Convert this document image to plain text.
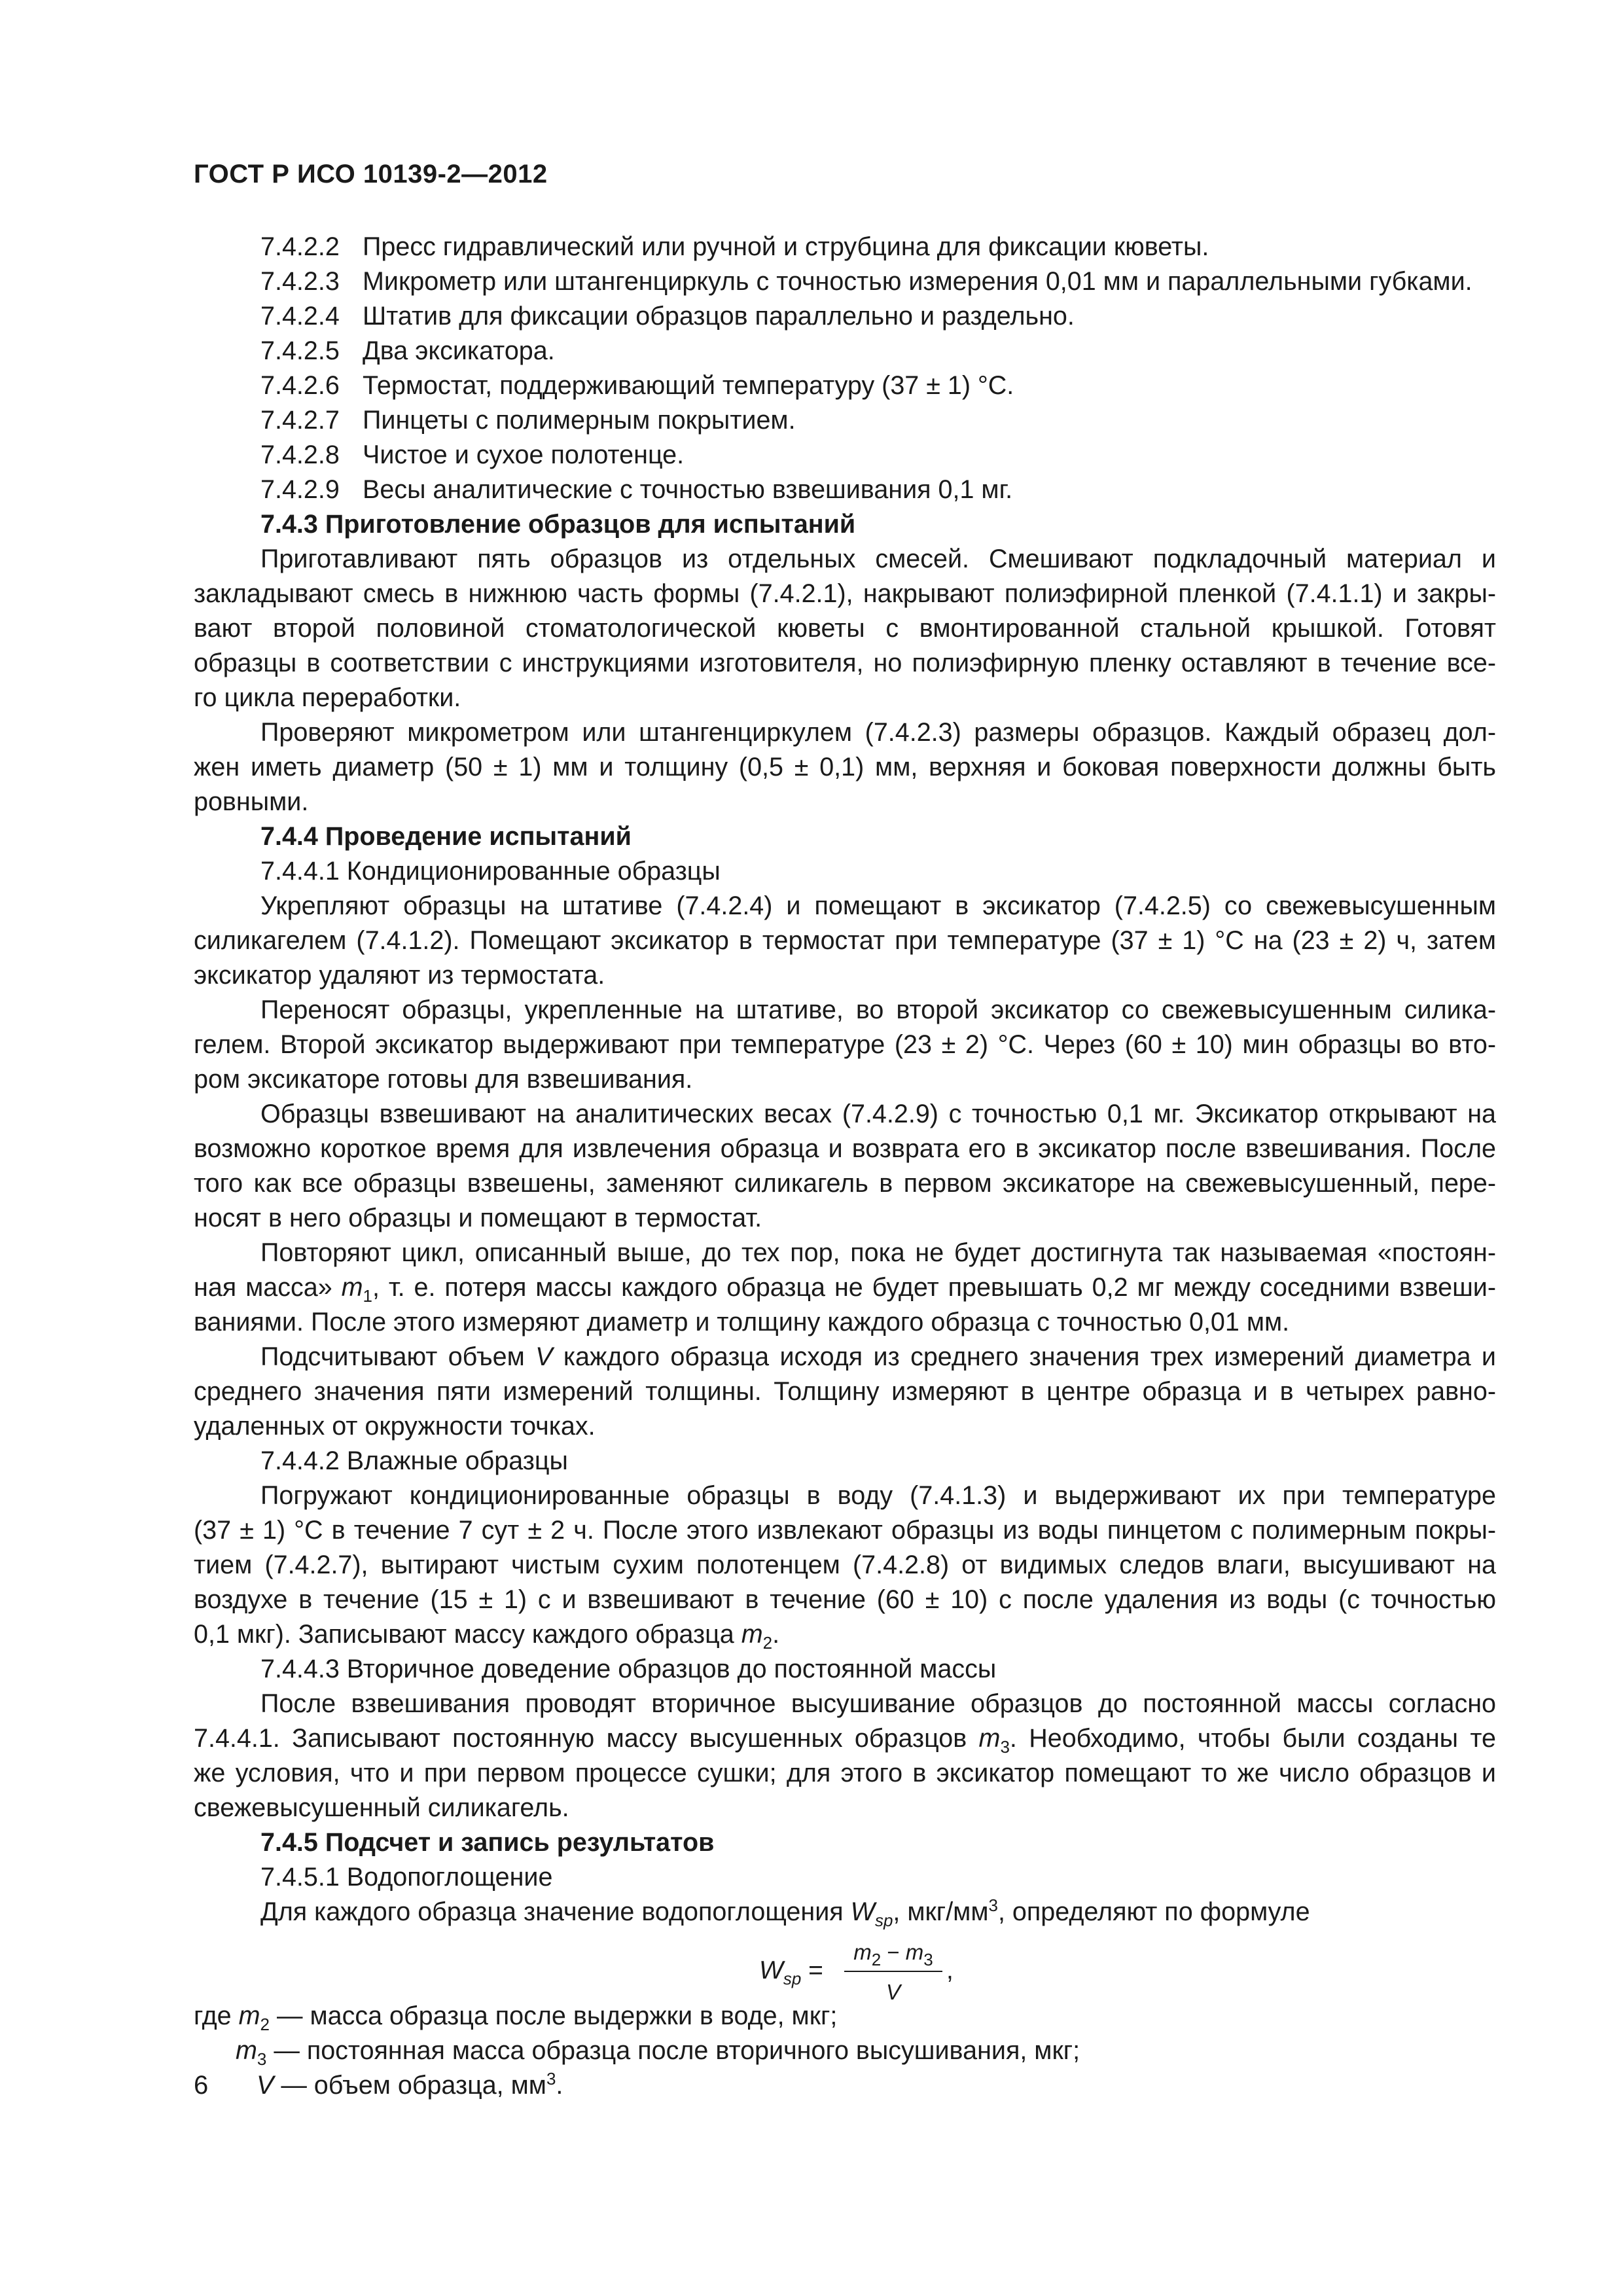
ГОСТ Р ИСО 10139-2—2012
7.4.2.2 Пресс гидравлический или ручной и струбцина для фиксации кюветы.
7.4.2.3 Микрометр или штангенциркуль с точностью измерения 0,01 мм и параллельными губками.
7.4.2.4 Штатив для фиксации образцов параллельно и раздельно.
7.4.2.5 Два эксикатора.
7.4.2.6 Термостат, поддерживающий температуру (37 ± 1) °С.
7.4.2.7 Пинцеты с полимерным покрытием.
7.4.2.8 Чистое и сухое полотенце.
7.4.2.9 Весы аналитические с точностью взвешивания 0,1 мг.
7.4.3 Приготовление образцов для испытаний
Приготавливают пять образцов из отдельных смесей. Смешивают подкладочный материал и
закладывают смесь в нижнюю часть формы (7.4.2.1), накрывают полиэфирной пленкой (7.4.1.1) и закры-
вают второй половиной стоматологической кюветы с вмонтированной стальной крышкой. Готовят
образцы в соответствии с инструкциями изготовителя, но полиэфирную пленку оставляют в течение все-
го цикла переработки.
Проверяют микрометром или штангенциркулем (7.4.2.3) размеры образцов. Каждый образец дол-
жен иметь диаметр (50 ± 1) мм и толщину (0,5 ± 0,1) мм, верхняя и боковая поверхности должны быть
ровными.
7.4.4 Проведение испытаний
7.4.4.1 Кондиционированные образцы
Укрепляют образцы на штативе (7.4.2.4) и помещают в эксикатор (7.4.2.5) со свежевысушенным
силикагелем (7.4.1.2). Помещают эксикатор в термостат при температуре (37 ± 1) °С на (23 ± 2) ч, затем
эксикатор удаляют из термостата.
Переносят образцы, укрепленные на штативе, во второй эксикатор со свежевысушенным силика-
гелем. Второй эксикатор выдерживают при температуре (23 ± 2) °С. Через (60 ± 10) мин образцы во вто-
ром эксикаторе готовы для взвешивания.
Образцы взвешивают на аналитических весах (7.4.2.9) с точностью 0,1 мг. Эксикатор открывают на
возможно короткое время для извлечения образца и возврата его в эксикатор после взвешивания. После
того как все образцы взвешены, заменяют силикагель в первом эксикаторе на свежевысушенный, пере-
носят в него образцы и помещают в термостат.
Повторяют цикл, описанный выше, до тех пор, пока не будет достигнута так называемая «постоян-
ная масса» $m_1$, т. е. потеря массы каждого образца не будет превышать 0,2 мг между соседними взвеши-
ваниями. После этого измеряют диаметр и толщину каждого образца с точностью 0,01 мм.
Подсчитывают объем V каждого образца исходя из среднего значения трех измерений диаметра и
среднего значения пяти измерений толщины. Толщину измеряют в центре образца и в четырех равно-
удаленных от окружности точках.
7.4.4.2 Влажные образцы
Погружают кондиционированные образцы в воду (7.4.1.3) и выдерживают их при температуре
(37 ± 1) °С в течение 7 сут ± 2 ч. После этого извлекают образцы из воды пинцетом с полимерным покры-
тием (7.4.2.7), вытирают чистым сухим полотенцем (7.4.2.8) от видимых следов влаги, высушивают на
воздухе в течение (15 ± 1) с и взвешивают в течение (60 ± 10) с после удаления из воды (с точностью
0,1 мкг). Записывают массу каждого образца $m_2$.
7.4.4.3 Вторичное доведение образцов до постоянной массы
После взвешивания проводят вторичное высушивание образцов до постоянной массы согласно
7.4.4.1. Записывают постоянную массу высушенных образцов $m_3$. Необходимо, чтобы были созданы те
же условия, что и при первом процессе сушки; для этого в эксикатор помещают то же число образцов и
свежевысушенный силикагель.
7.4.5 Подсчет и запись результатов
7.4.5.1 Водопоглощение
Для каждого образца значение водопоглощения $W_{sp}$, мкг/$мм^3$, определяют по формуле
$W_{sp} = \frac{m_2 - m_3}{V}$ ,
где $m_2$ — масса образца после выдержки в воде, мкг;
$m_3$ — постоянная масса образца после вторичного высушивания, мкг;
V — объем образца, $мм^3$.
6
